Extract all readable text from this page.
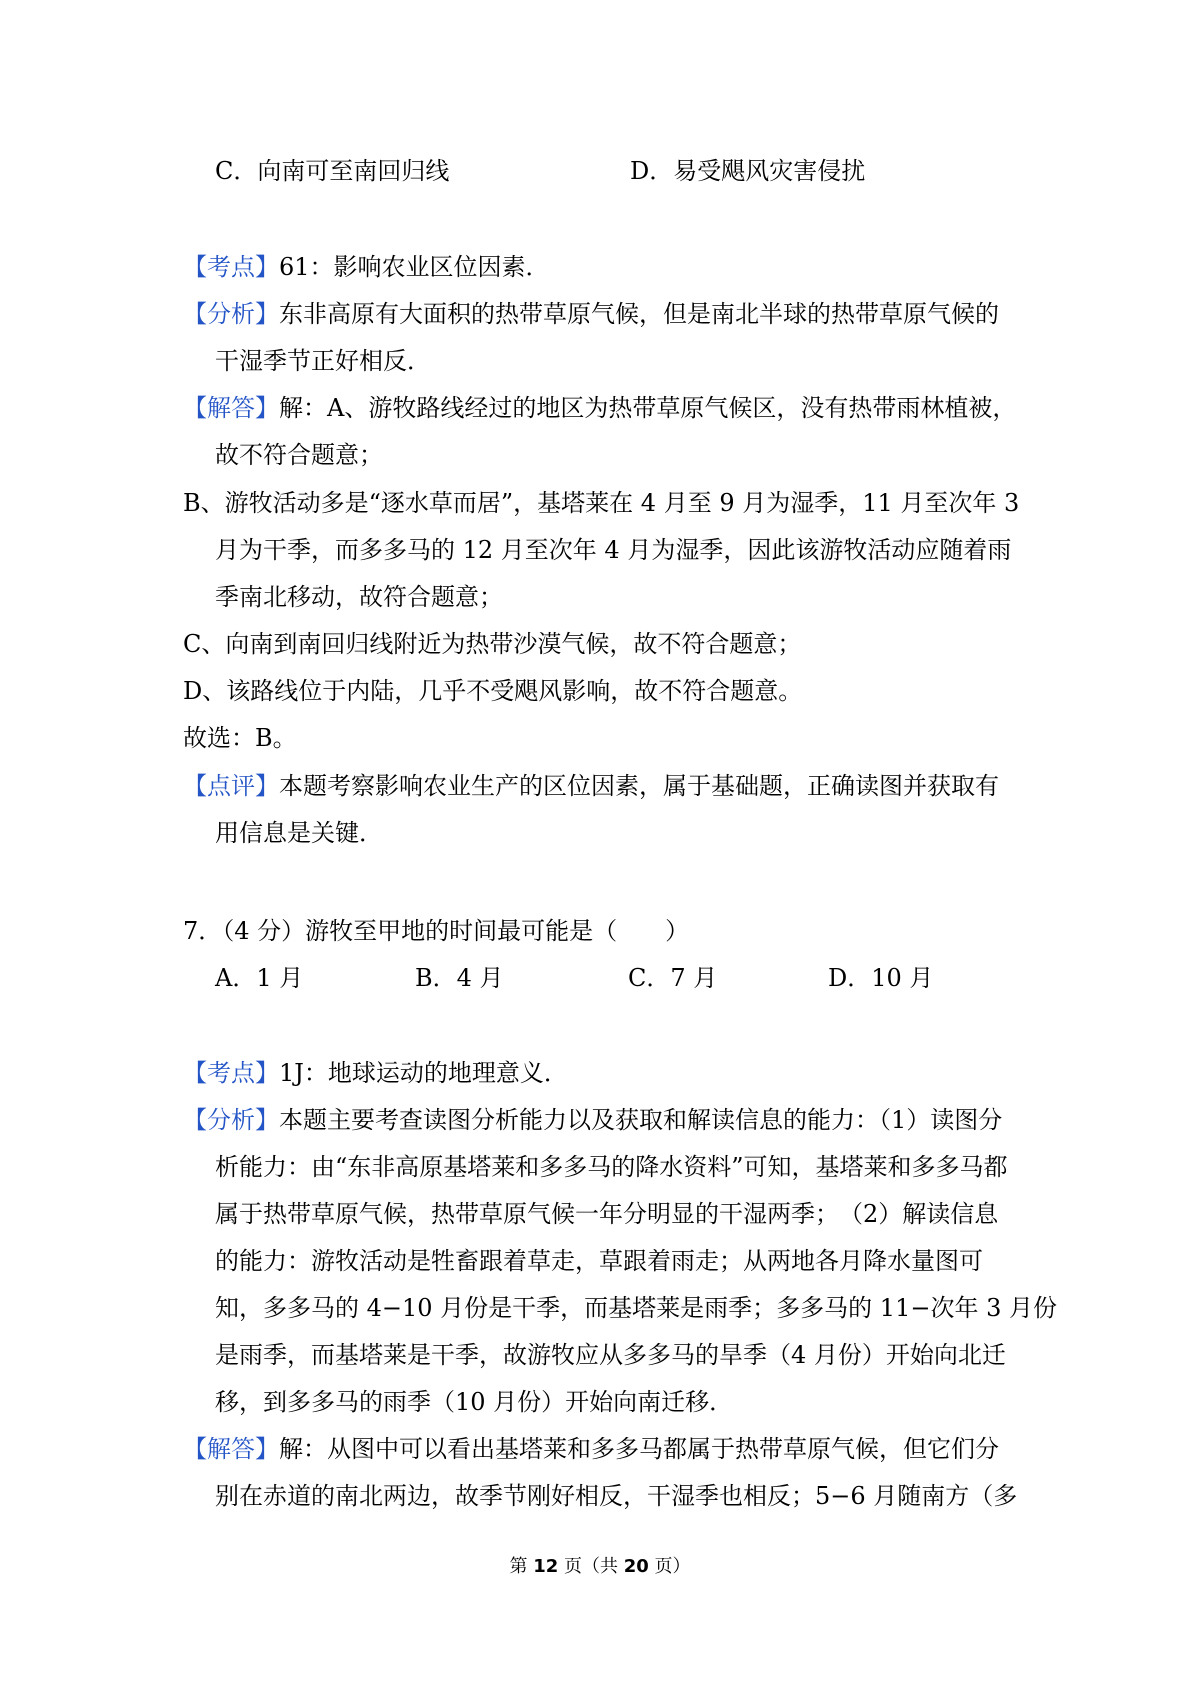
C．向南可至南回归线	D．易受飓风灾害侵扰
【考点】61：影响农业区位因素．
【分析】东非高原有大面积的热带草原气候，但是南北半球的热带草原气候的
干湿季节正好相反．
【解答】解：A、游牧路线经过的地区为热带草原气候区，没有热带雨林植被，
故不符合题意；
B、游牧活动多是“逐水草而居”，基塔莱在 4 月至 9 月为湿季，11 月至次年 3
月为干季，而多多马的 12 月至次年 4 月为湿季，因此该游牧活动应随着雨
季南北移动，故符合题意；
C、向南到南回归线附近为热带沙漠气候，故不符合题意；
D、该路线位于内陆，几乎不受飓风影响，故不符合题意。
故选：B。
【点评】本题考察影响农业生产的区位因素，属于基础题，正确读图并获取有
用信息是关键．
7．（4 分）游牧至甲地的时间最可能是（　　）
A．1 月	B．4 月	C．7 月	D．10 月
【考点】1J：地球运动的地理意义．
【分析】本题主要考查读图分析能力以及获取和解读信息的能力：（1）读图分
析能力：由“东非高原基塔莱和多多马的降水资料”可知，基塔莱和多多马都
属于热带草原气候，热带草原气候一年分明显的干湿两季；　（2）解读信息
的能力：游牧活动是牲畜跟着草走，草跟着雨走；从两地各月降水量图可
知，多多马的 4−10 月份是干季，而基塔莱是雨季；多多马的 11−次年 3 月份
是雨季，而基塔莱是干季，故游牧应从多多马的旱季（4 月份）开始向北迁
移，到多多马的雨季（10 月份）开始向南迁移．
【解答】解：从图中可以看出基塔莱和多多马都属于热带草原气候，但它们分
别在赤道的南北两边，故季节刚好相反，干湿季也相反；5−6 月随南方（多
第 12 页（共 20 页）
